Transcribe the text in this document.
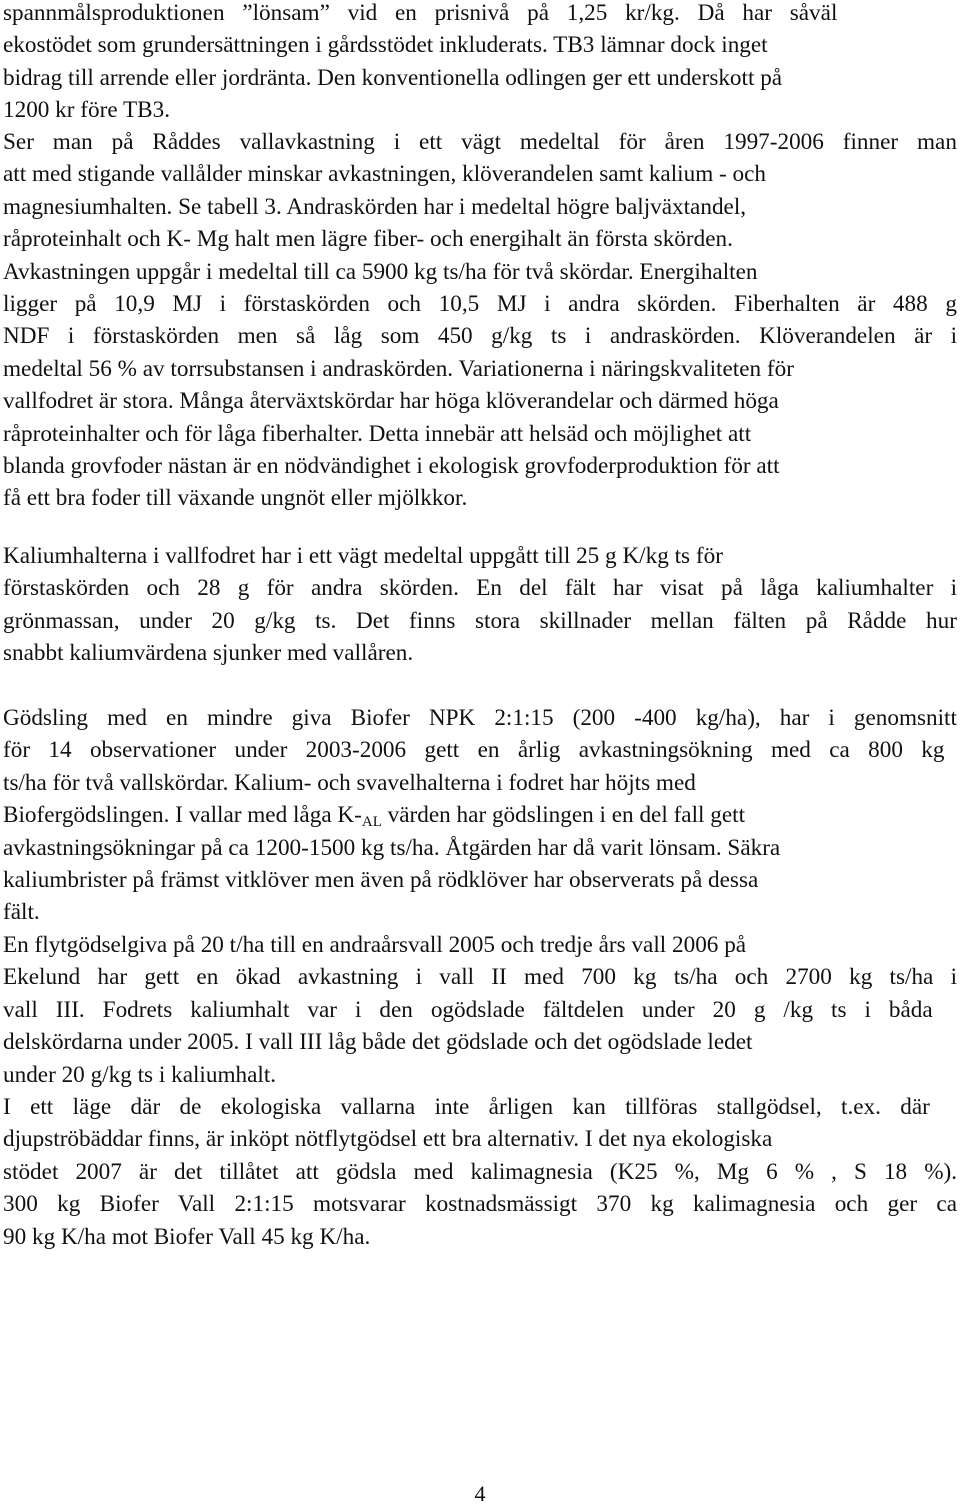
spannmålsproduktionen ”lönsam” vid en prisnivå på 1,25 kr/kg. Då har såväl
ekostödet som grundersättningen i gårdsstödet inkluderats. TB3 lämnar dock inget
bidrag till arrende eller jordränta. Den konventionella odlingen ger ett underskott på
1200 kr före TB3.
Ser man på Råddes vallavkastning i ett vägt medeltal för åren 1997-2006 finner man
att med stigande vallålder minskar avkastningen, klöverandelen samt kalium - och
magnesiumhalten. Se tabell 3. Andraskörden har i medeltal högre baljväxtandel,
råproteinhalt och K- Mg halt men lägre fiber- och energihalt än första skörden.
Avkastningen uppgår i medeltal till ca 5900 kg ts/ha för två skördar. Energihalten
ligger på 10,9 MJ i förstaskörden och 10,5 MJ i andra skörden. Fiberhalten är 488 g
NDF i förstaskörden men så låg som 450 g/kg ts i andraskörden. Klöverandelen är i
medeltal 56 % av torrsubstansen i andraskörden. Variationerna i näringskvaliteten för
vallfodret är stora. Många återväxtskördar har höga klöverandelar och därmed höga
råproteinhalter och för låga fiberhalter. Detta innebär att helsäd och möjlighet att
blanda grovfoder nästan är en nödvändighet i ekologisk grovfoderproduktion för att
få ett bra foder till växande ungnöt eller mjölkkor.
Kaliumhalterna i vallfodret har i ett vägt medeltal uppgått till 25 g K/kg ts för
förstaskörden och 28 g för andra skörden. En del fält har visat på låga kaliumhalter i
grönmassan, under 20 g/kg ts. Det finns stora skillnader mellan fälten på Rådde hur
snabbt kaliumvärdena sjunker med vallåren.
Gödsling med en mindre giva Biofer NPK 2:1:15 (200 -400 kg/ha), har i genomsnitt
för 14 observationer under 2003-2006 gett en årlig avkastningsökning med ca 800 kg
ts/ha för två vallskördar. Kalium- och svavelhalterna i fodret har höjts med
Biofergödslingen. I vallar med låga $K-_{AL}$ värden har gödslingen i en del fall gett
avkastningsökningar på ca 1200-1500 kg ts/ha. Åtgärden har då varit lönsam. Säkra
kaliumbrister på främst vitklöver men även på rödklöver har observerats på dessa
fält.
En flytgödselgiva på 20 t/ha till en andraårsvall 2005 och tredje års vall 2006 på
Ekelund har gett en ökad avkastning i vall II med 700 kg ts/ha och 2700 kg ts/ha i
vall III. Fodrets kaliumhalt var i den ogödslade fältdelen under 20 g /kg ts i båda
delskördarna under 2005. I vall III låg både det gödslade och det ogödslade ledet
under 20 g/kg ts i kaliumhalt.
I ett läge där de ekologiska vallarna inte årligen kan tillföras stallgödsel, t.ex. där
djupströbäddar finns, är inköpt nötflytgödsel ett bra alternativ. I det nya ekologiska
stödet 2007 är det tillåtet att gödsla med kalimagnesia (K25 %, Mg 6 % , S 18 %).
300 kg Biofer Vall 2:1:15 motsvarar kostnadsmässigt 370 kg kalimagnesia och ger ca
90 kg K/ha mot Biofer Vall 45 kg K/ha.
4
